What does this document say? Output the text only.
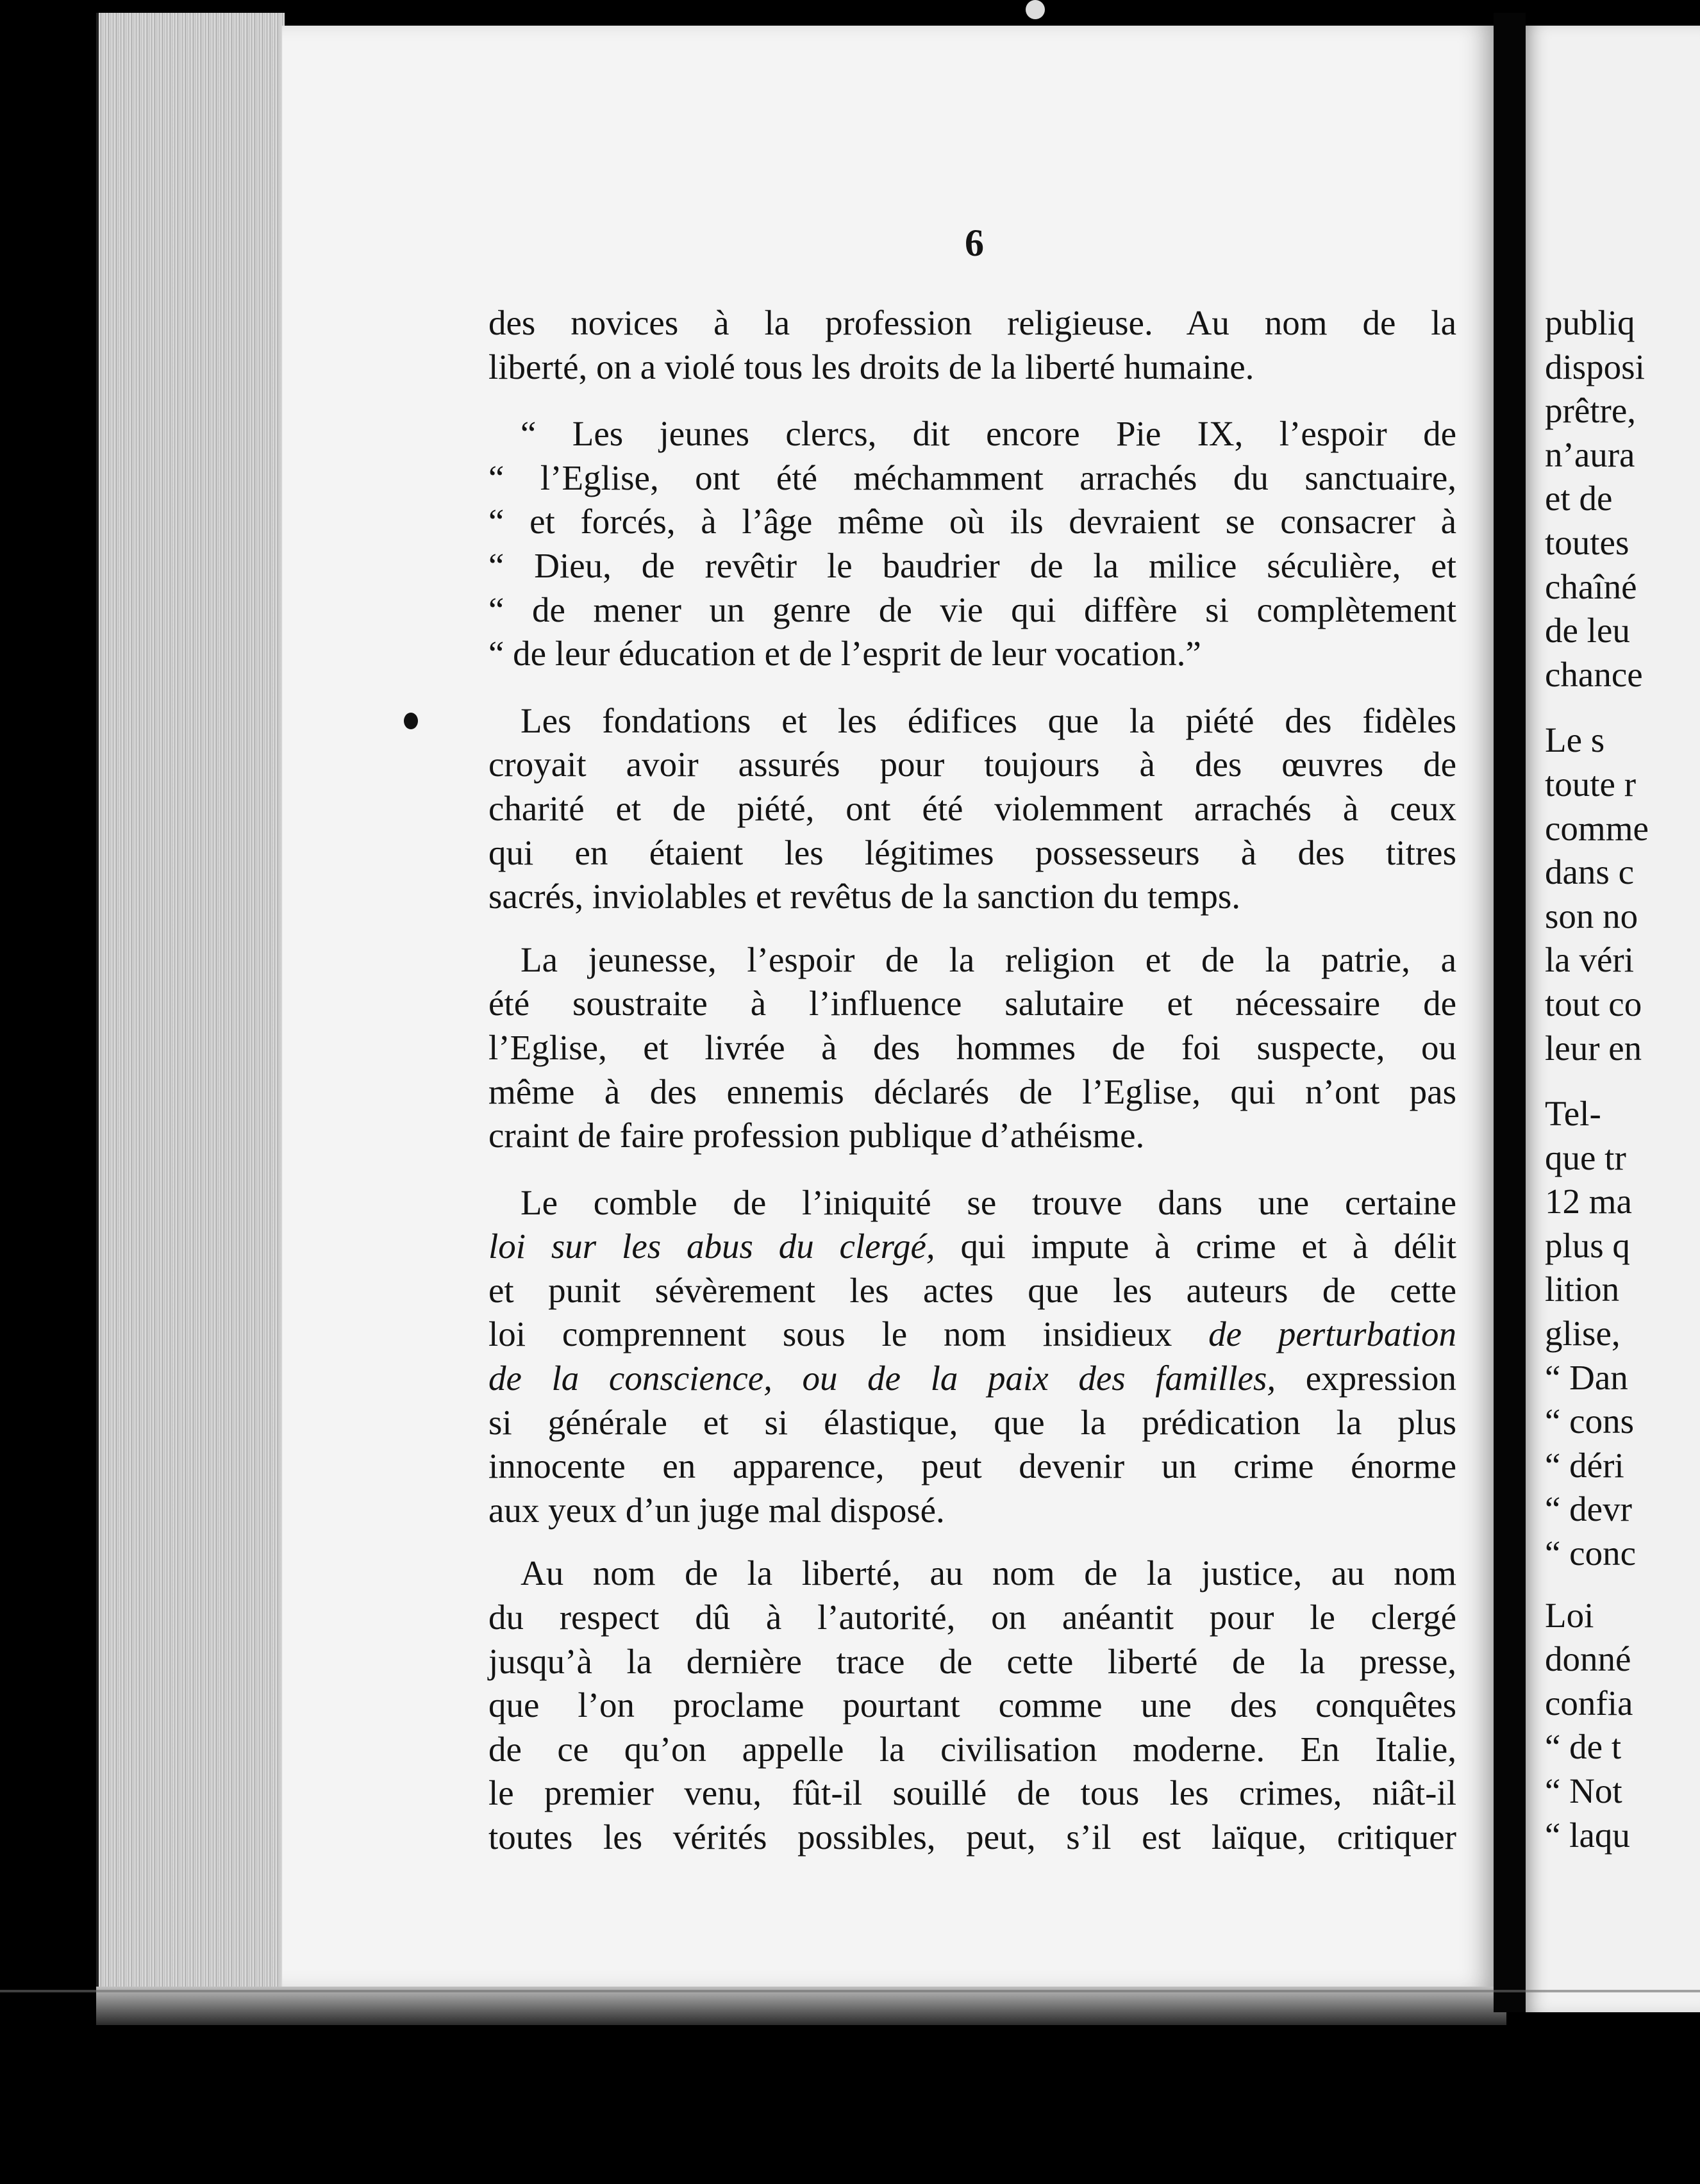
6
des novices à la profession religieuse. Au nom de la
liberté, on a violé tous les droits de la liberté humaine.
“ Les jeunes clercs, dit encore Pie IX, l’espoir de
“ l’Eglise, ont été méchamment arrachés du sanctuaire,
“ et forcés, à l’âge même où ils devraient se consacrer à
“ Dieu, de revêtir le baudrier de la milice séculière, et
“ de mener un genre de vie qui diffère si complètement
“ de leur éducation et de l’esprit de leur vocation.”
Les fondations et les édifices que la piété des fidèles
croyait avoir assurés pour toujours à des œuvres de
charité et de piété, ont été violemment arrachés à ceux
qui en étaient les légitimes possesseurs à des titres
sacrés, inviolables et revêtus de la sanction du temps.
La jeunesse, l’espoir de la religion et de la patrie, a
été soustraite à l’influence salutaire et nécessaire de
l’Eglise, et livrée à des hommes de foi suspecte, ou
même à des ennemis déclarés de l’Eglise, qui n’ont pas
craint de faire profession publique d’athéisme.
Le comble de l’iniquité se trouve dans une certaine
loi sur les abus du clergé, qui impute à crime et à délit
et punit sévèrement les actes que les auteurs de cette
loi comprennent sous le nom insidieux de perturbation
de la conscience, ou de la paix des familles, expression
si générale et si élastique, que la prédication la plus
innocente en apparence, peut devenir un crime énorme
aux yeux d’un juge mal disposé.
Au nom de la liberté, au nom de la justice, au nom
du respect dû à l’autorité, on anéantit pour le clergé
jusqu’à la dernière trace de cette liberté de la presse,
que l’on proclame pourtant comme une des conquêtes
de ce qu’on appelle la civilisation moderne. En Italie,
le premier venu, fût-il souillé de tous les crimes, niât-il
toutes les vérités possibles, peut, s’il est laïque, critiquer
publiq
disposi
prêtre,
n’aura
et de
toutes
chaîné
de leu
chance
Le s
toute r
comme
dans c
son no
la véri
tout co
leur en
Tel-
que tr
12 ma
plus q
lition
glise,
“ Dan
“ cons
“ déri
“ devr
“ conc
Loi
donné
confia
“ de t
“ Not
“ laqu
